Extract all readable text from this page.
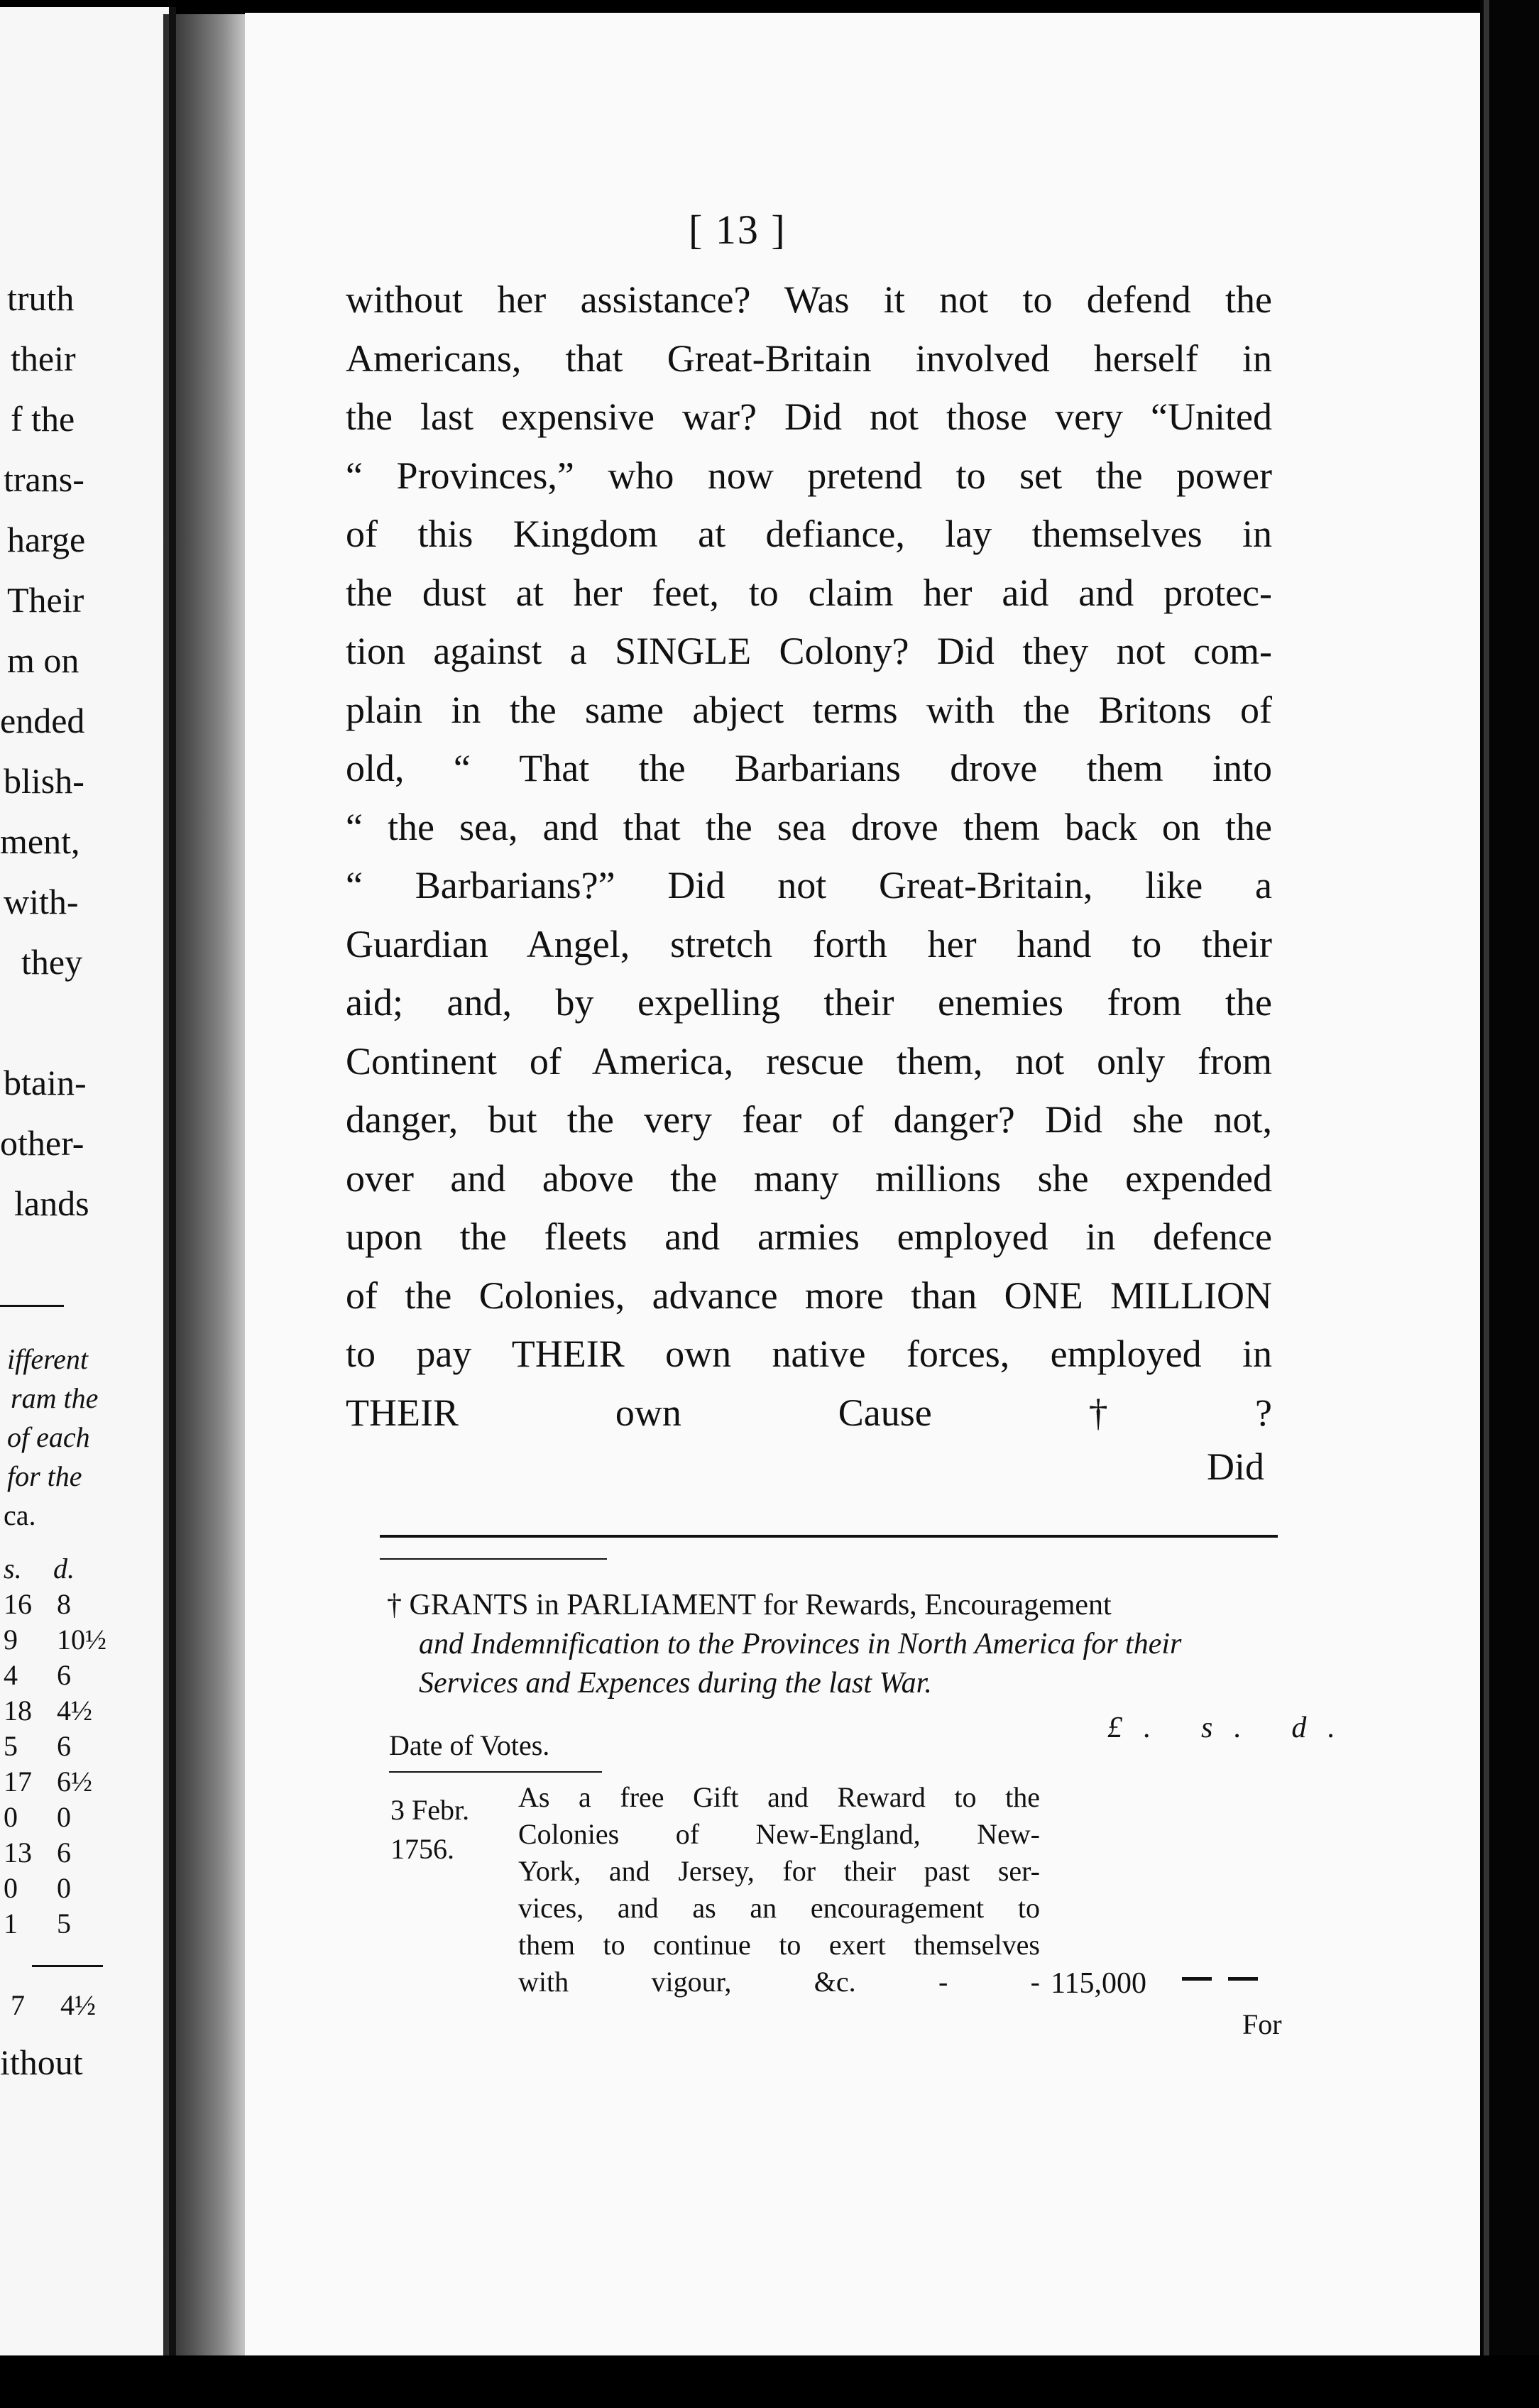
truth
their
f the
trans-
harge
Their
m on
ended
blish-
ment,
with-
they
btain-
other-
lands
ifferent
ram the
of each
for the
ca.
s. d.
16 8
9 10½
4 6
18 4½
5 6
17 6½
0 0
13 6
0 0
1 5
7 4½
ithout
[ 13 ]
without her assistance? Was it not to defend the
Americans, that Great-Britain involved herself in
the last expensive war? Did not those very “United
“ Provinces,” who now pretend to set the power
of this Kingdom at defiance, lay themselves in
the dust at her feet, to claim her aid and protec-
tion against a SINGLE Colony? Did they not com-
plain in the same abject terms with the Britons of
old, “ That the Barbarians drove them into
“ the sea, and that the sea drove them back on the
“ Barbarians?” Did not Great-Britain, like a
Guardian Angel, stretch forth her hand to their
aid; and, by expelling their enemies from the
Continent of America, rescue them, not only from
danger, but the very fear of danger? Did she not,
over and above the many millions she expended
upon the fleets and armies employed in defence
of the Colonies, advance more than ONE MILLION
to pay THEIR own native forces, employed in
THEIR own Cause †?
Did
† GRANTS in PARLIAMENT for Rewards, Encouragement
and Indemnification to the Provinces in North America for their
Services and Expences during the last War.
Date of Votes.
£. s. d.
3 Febr.
1756.
As a free Gift and Reward to the
Colonies of New-England, New-
York, and Jersey, for their past ser-
vices, and as an encouragement to
them to continue to exert themselves
with vigour, &c. - - 115,000
For
